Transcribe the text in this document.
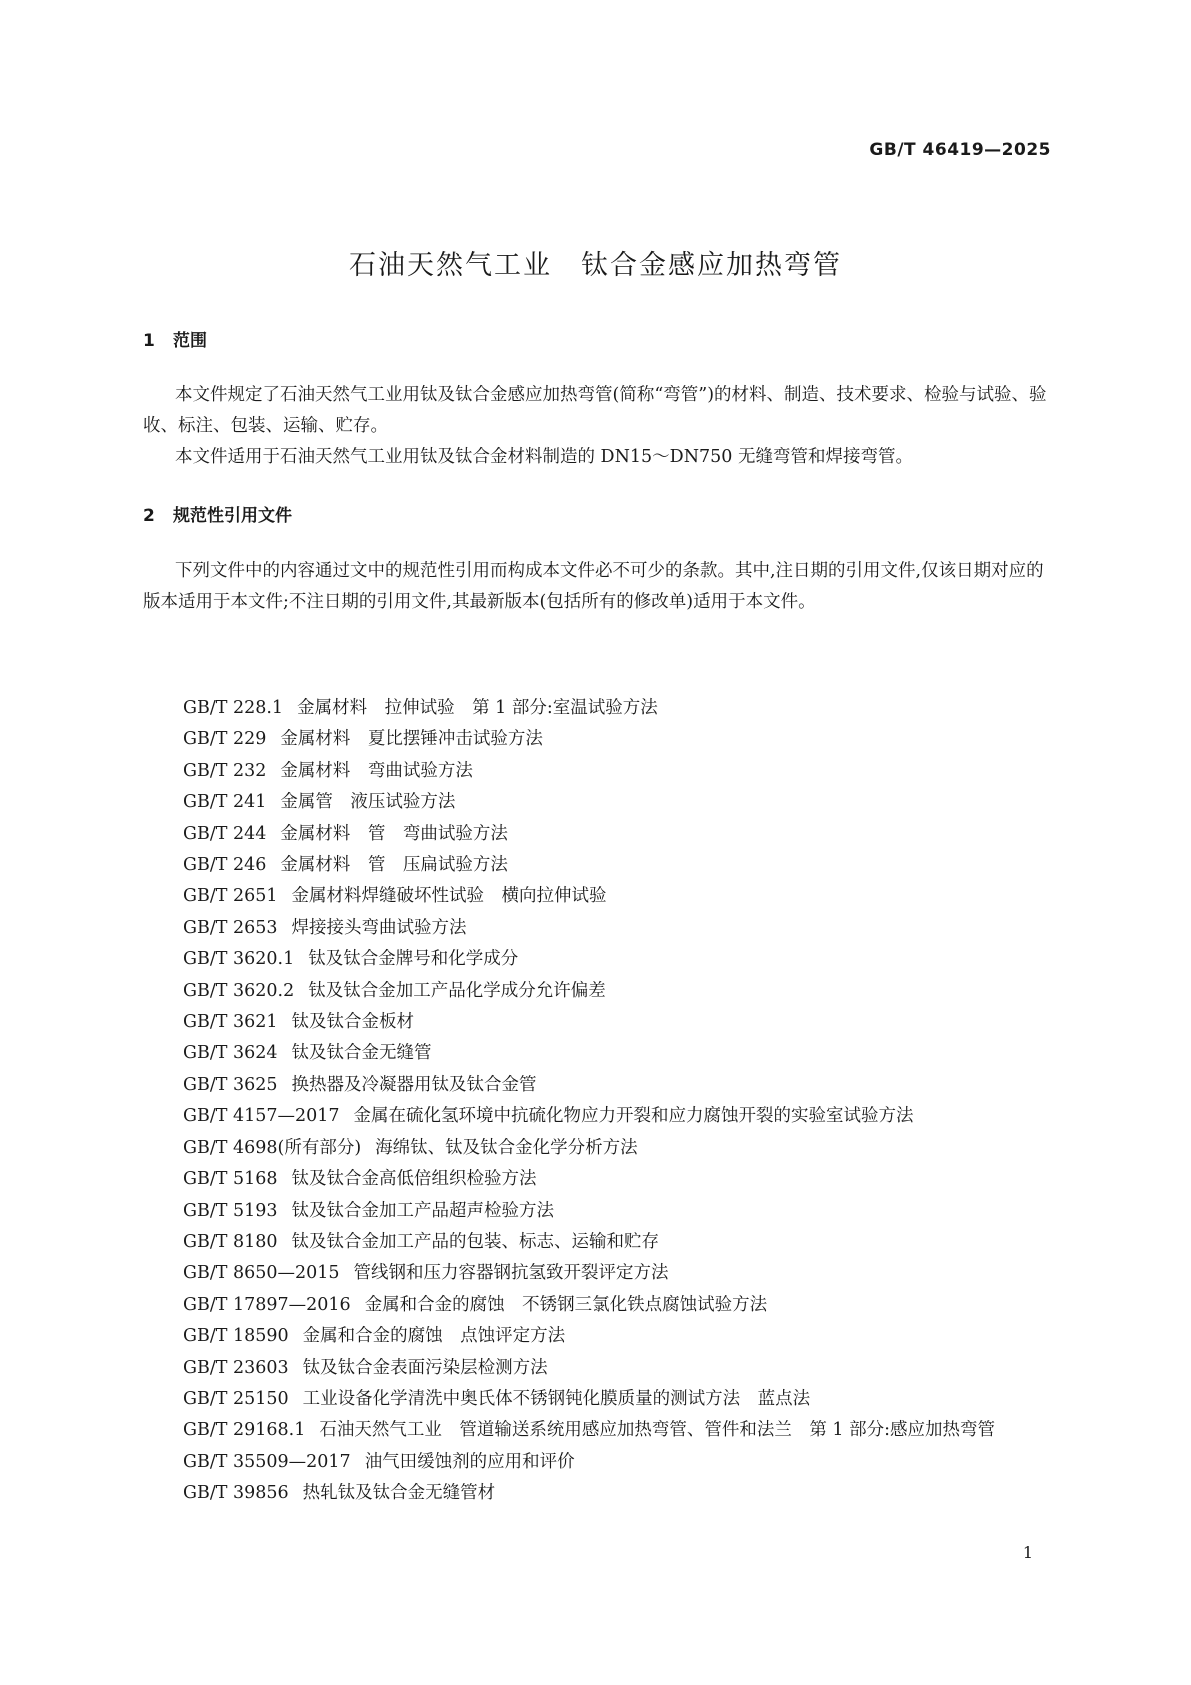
GB/T 46419—2025
石油天然气工业　钛合金感应加热弯管
1 范围
本文件规定了石油天然气工业用钛及钛合金感应加热弯管(简称“弯管”)的材料、制造、技术要求、检验与试验、验收、标注、包装、运输、贮存。
本文件适用于石油天然气工业用钛及钛合金材料制造的 DN15～DN750 无缝弯管和焊接弯管。
2 规范性引用文件
下列文件中的内容通过文中的规范性引用而构成本文件必不可少的条款。其中,注日期的引用文件,仅该日期对应的版本适用于本文件;不注日期的引用文件,其最新版本(包括所有的修改单)适用于本文件。
GB/T 228.1 金属材料　拉伸试验　第 1 部分:室温试验方法
GB/T 229 金属材料　夏比摆锤冲击试验方法
GB/T 232 金属材料　弯曲试验方法
GB/T 241 金属管　液压试验方法
GB/T 244 金属材料　管　弯曲试验方法
GB/T 246 金属材料　管　压扁试验方法
GB/T 2651 金属材料焊缝破坏性试验　横向拉伸试验
GB/T 2653 焊接接头弯曲试验方法
GB/T 3620.1 钛及钛合金牌号和化学成分
GB/T 3620.2 钛及钛合金加工产品化学成分允许偏差
GB/T 3621 钛及钛合金板材
GB/T 3624 钛及钛合金无缝管
GB/T 3625 换热器及冷凝器用钛及钛合金管
GB/T 4157—2017 金属在硫化氢环境中抗硫化物应力开裂和应力腐蚀开裂的实验室试验方法
GB/T 4698(所有部分) 海绵钛、钛及钛合金化学分析方法
GB/T 5168 钛及钛合金高低倍组织检验方法
GB/T 5193 钛及钛合金加工产品超声检验方法
GB/T 8180 钛及钛合金加工产品的包装、标志、运输和贮存
GB/T 8650—2015 管线钢和压力容器钢抗氢致开裂评定方法
GB/T 17897—2016 金属和合金的腐蚀　不锈钢三氯化铁点腐蚀试验方法
GB/T 18590 金属和合金的腐蚀　点蚀评定方法
GB/T 23603 钛及钛合金表面污染层检测方法
GB/T 25150 工业设备化学清洗中奥氏体不锈钢钝化膜质量的测试方法　蓝点法
GB/T 29168.1 石油天然气工业　管道输送系统用感应加热弯管、管件和法兰　第 1 部分:感应加热弯管
GB/T 35509—2017 油气田缓蚀剂的应用和评价
GB/T 39856 热轧钛及钛合金无缝管材
1
